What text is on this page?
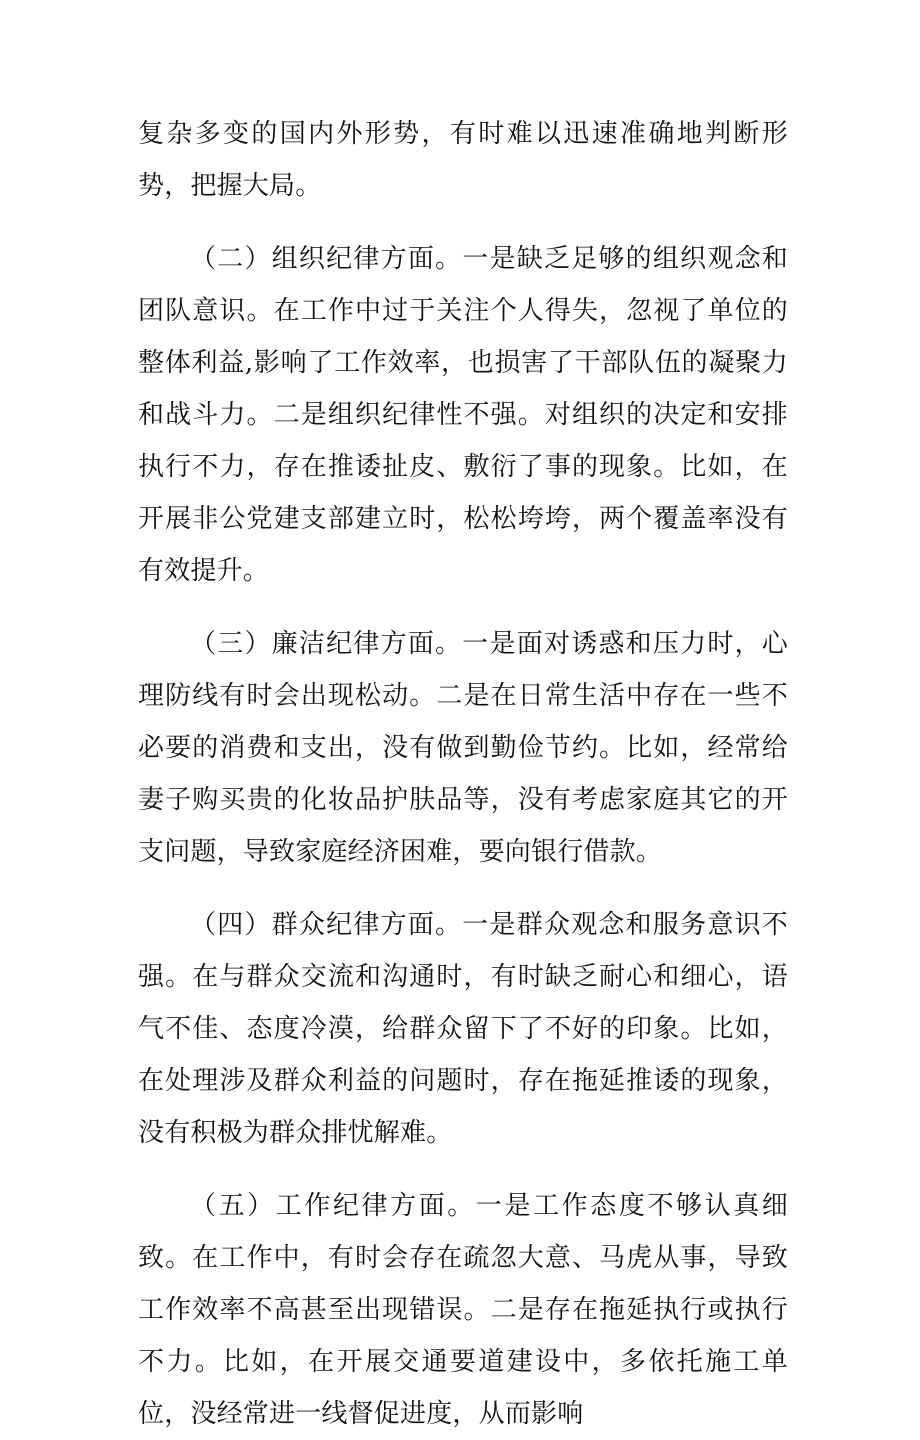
复杂多变的国内外形势，有时难以迅速准确地判断形势，把握大局。

（二）组织纪律方面。一是缺乏足够的组织观念和团队意识。在工作中过于关注个人得失，忽视了单位的整体利益,影响了工作效率，也损害了干部队伍的凝聚力和战斗力。二是组织纪律性不强。对组织的决定和安排执行不力，存在推诿扯皮、敷衍了事的现象。比如，在开展非公党建支部建立时，松松垮垮，两个覆盖率没有有效提升。

（三）廉洁纪律方面。一是面对诱惑和压力时，心理防线有时会出现松动。二是在日常生活中存在一些不必要的消费和支出，没有做到勤俭节约。比如，经常给妻子购买贵的化妆品护肤品等，没有考虑家庭其它的开支问题，导致家庭经济困难，要向银行借款。

（四）群众纪律方面。一是群众观念和服务意识不强。在与群众交流和沟通时，有时缺乏耐心和细心，语气不佳、态度冷漠，给群众留下了不好的印象。比如，在处理涉及群众利益的问题时，存在拖延推诿的现象，没有积极为群众排忧解难。

（五）工作纪律方面。一是工作态度不够认真细致。在工作中，有时会存在疏忽大意、马虎从事，导致工作效率不高甚至出现错误。二是存在拖延执行或执行不力。比如，在开展交通要道建设中，多依托施工单位，没经常进一线督促进度，从而影响
